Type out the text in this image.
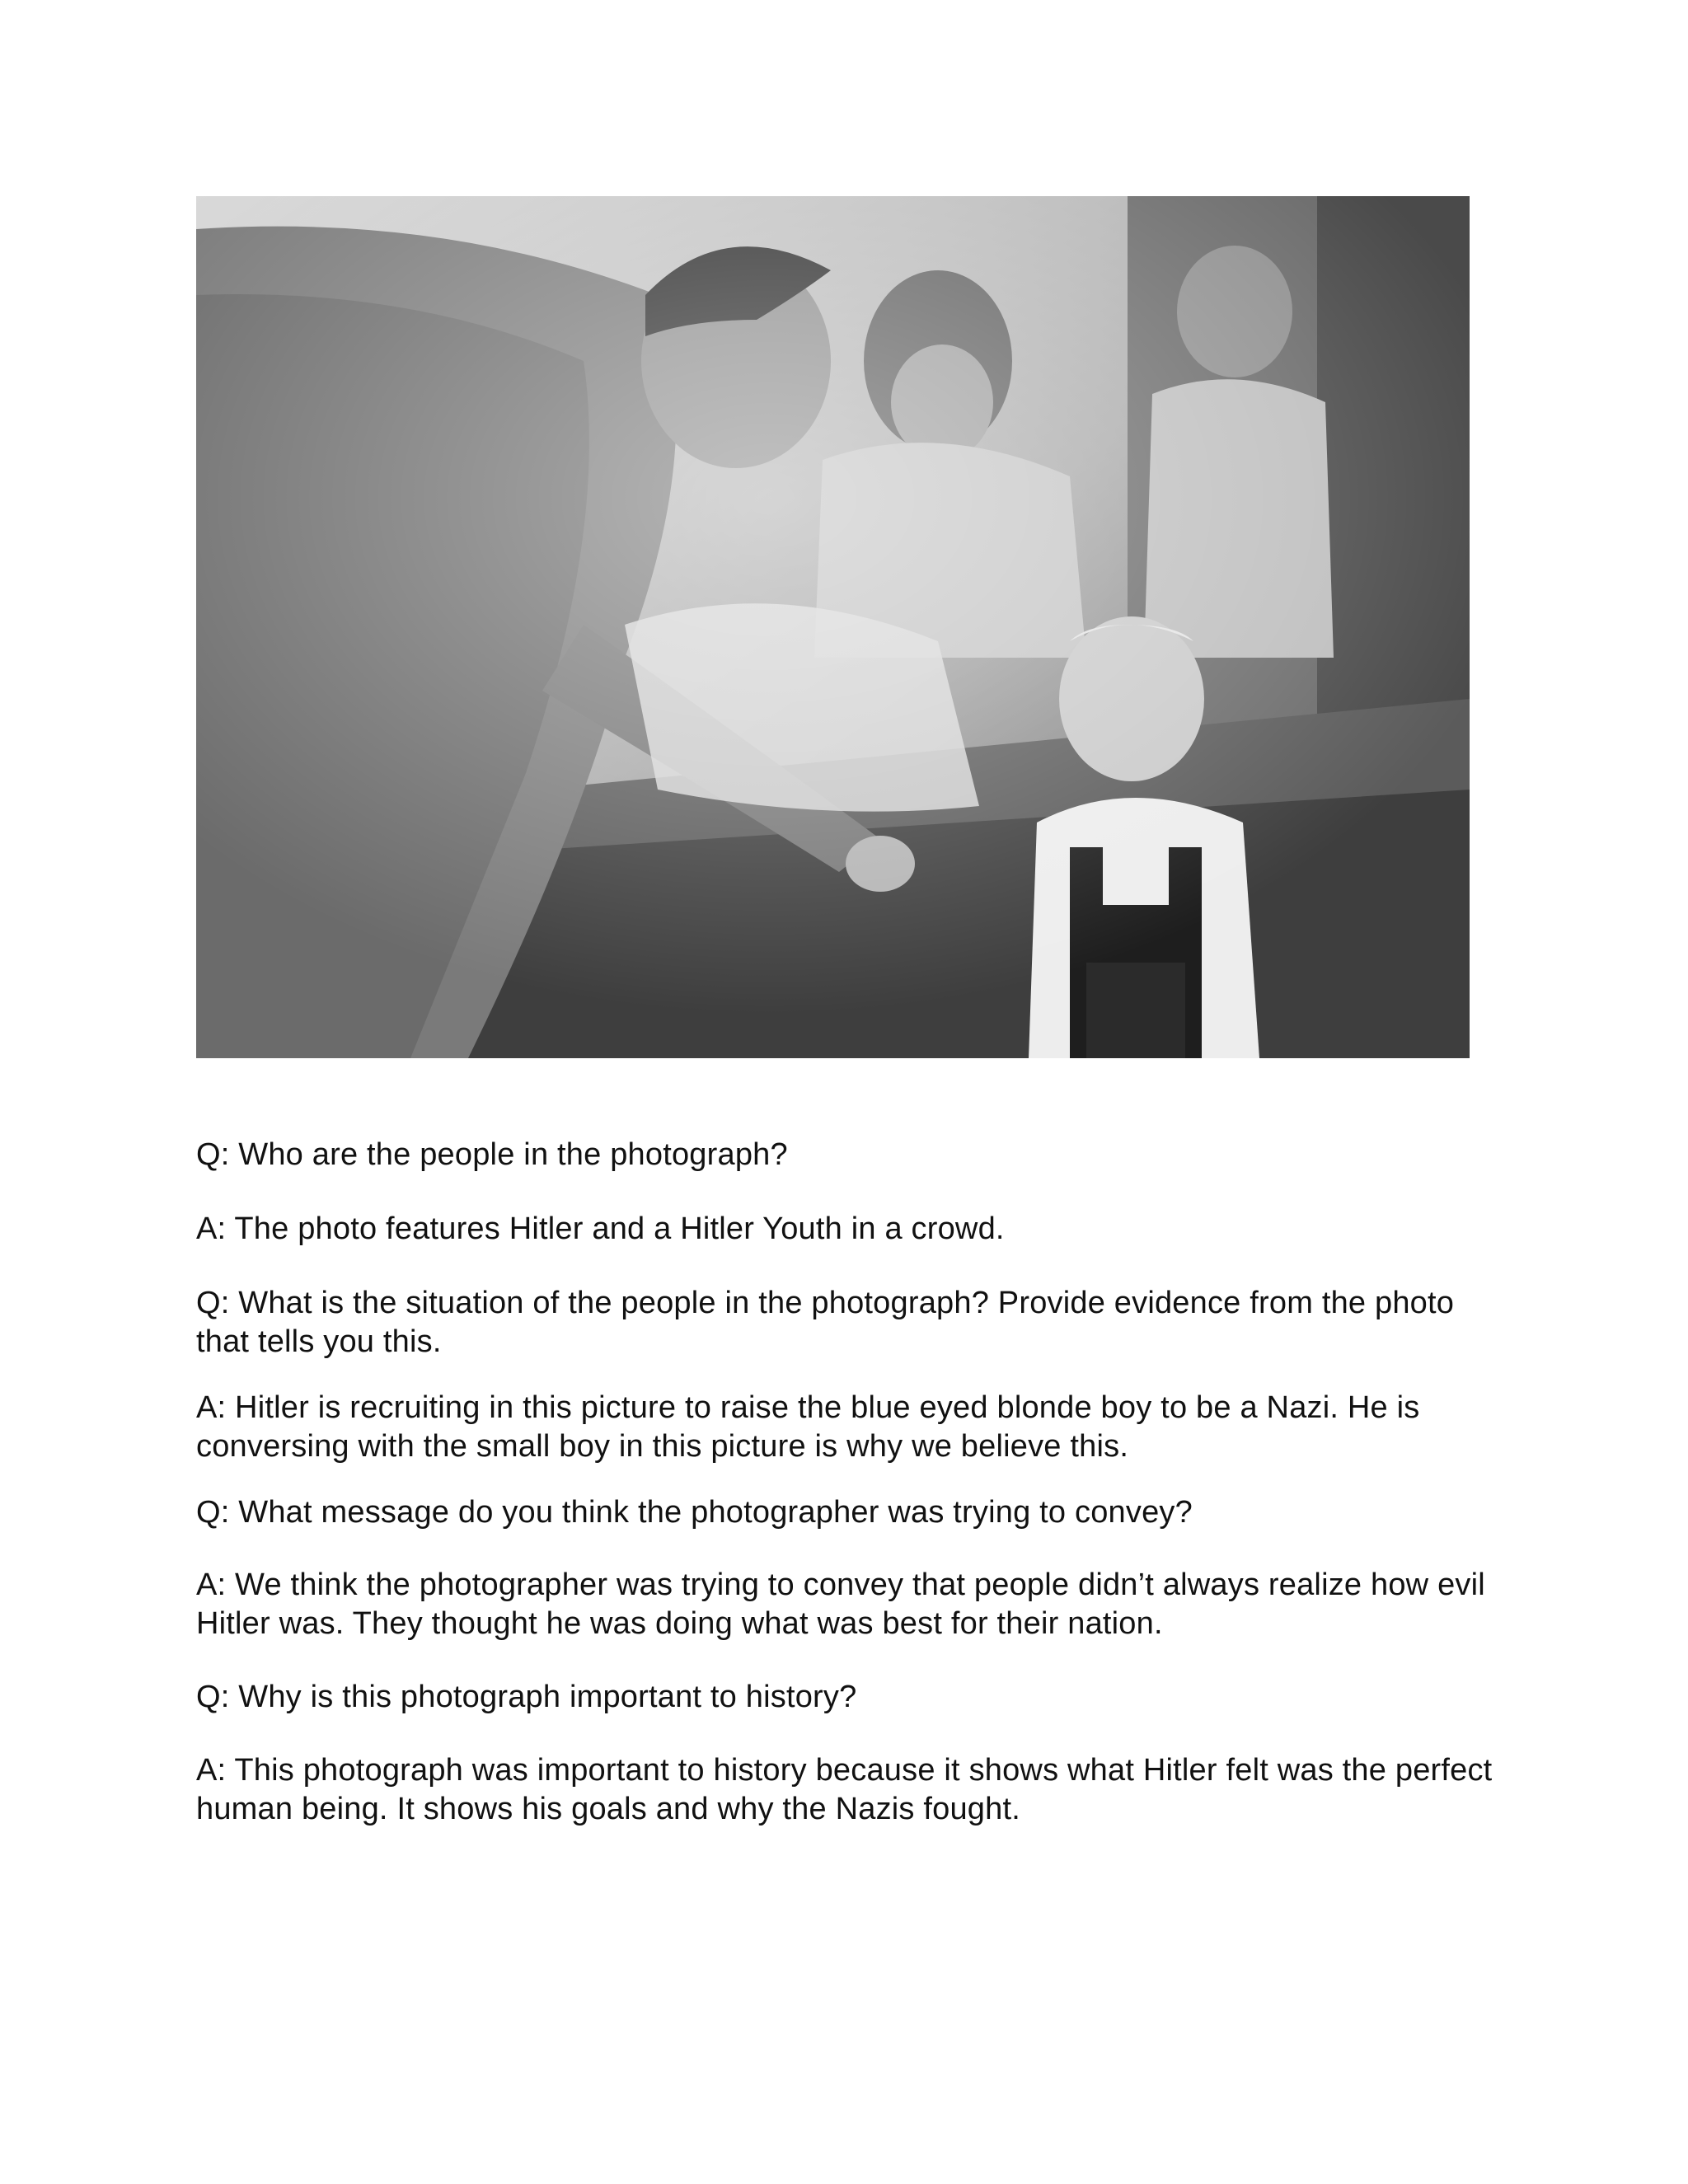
Q: Who are the people in the photograph?

A: The photo features Hitler and a Hitler Youth in a crowd.

Q: What is the situation of the people in the photograph? Provide evidence from the photo that tells you this.

A: Hitler is recruiting in this picture to raise the blue eyed blonde boy to be a Nazi. He is conversing with the small boy in this picture is why we believe this.

Q: What message do you think the photographer was trying to convey?

A: We think the photographer was trying to convey that people didn’t always realize how evil Hitler was. They thought he was doing what was best for their nation.

Q: Why is this photograph important to history?

A: This photograph was important to history because it shows what Hitler felt was the perfect human being. It shows his goals and why the Nazis fought.
